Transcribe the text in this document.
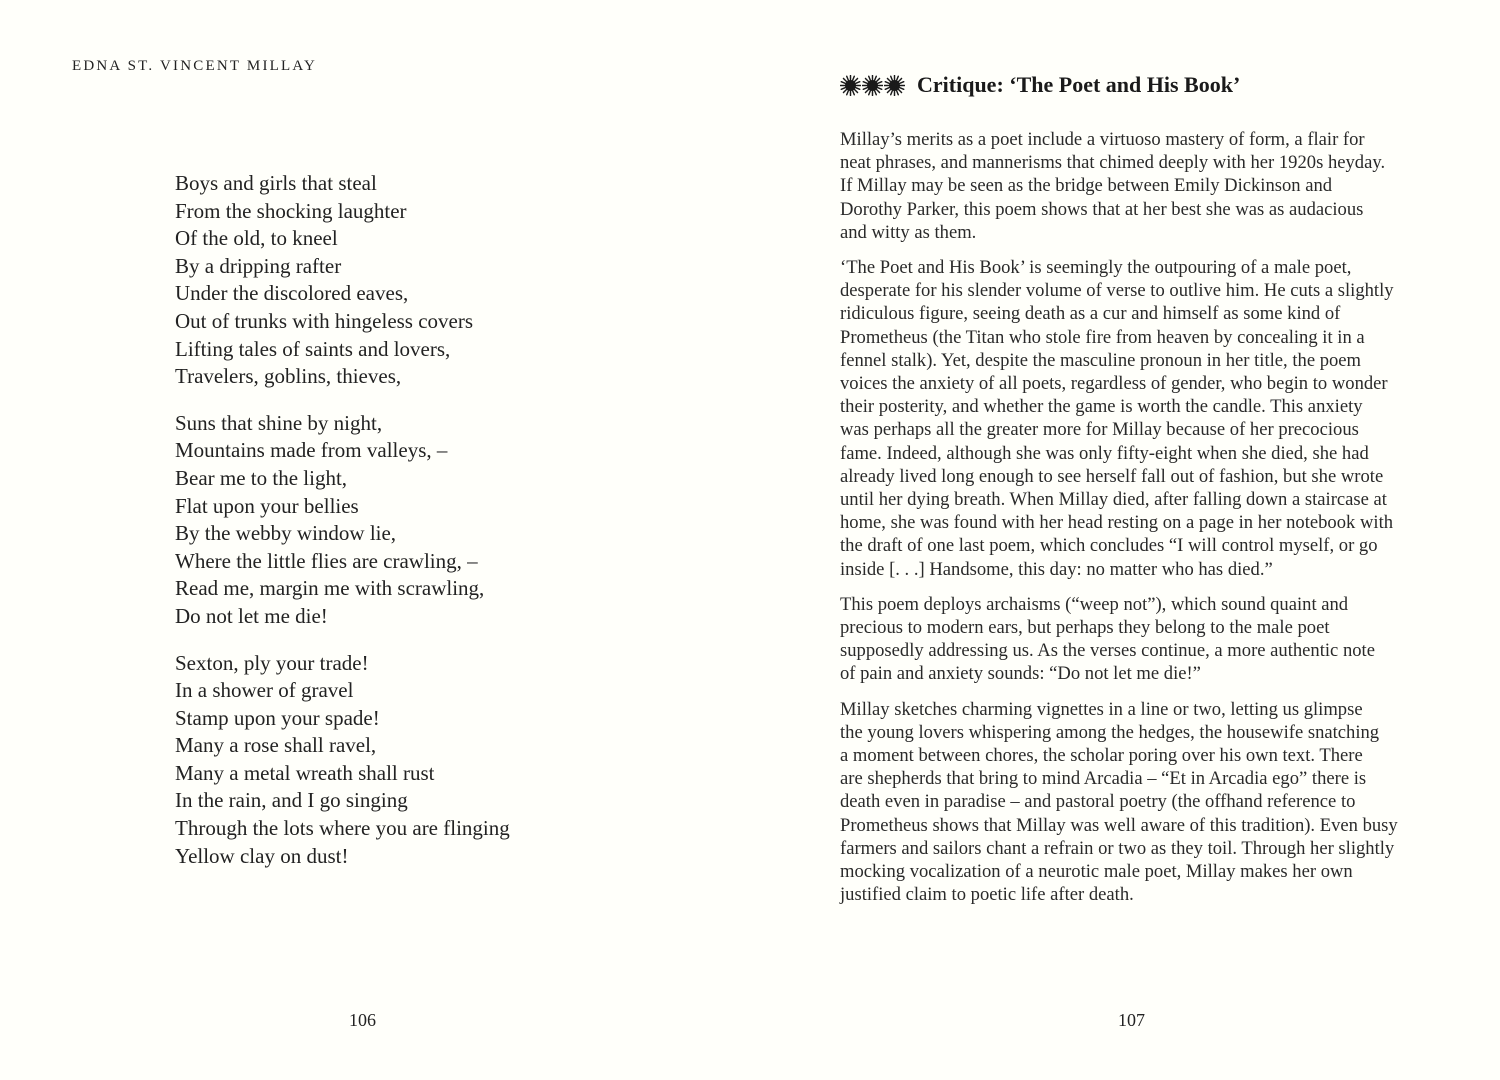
EDNA ST. VINCENT MILLAY
Boys and girls that steal
From the shocking laughter
Of the old, to kneel
By a dripping rafter
Under the discolored eaves,
Out of trunks with hingeless covers
Lifting tales of saints and lovers,
Travelers, goblins, thieves,
Suns that shine by night,
Mountains made from valleys, –
Bear me to the light,
Flat upon your bellies
By the webby window lie,
Where the little flies are crawling, –
Read me, margin me with scrawling,
Do not let me die!
Sexton, ply your trade!
In a shower of gravel
Stamp upon your spade!
Many a rose shall ravel,
Many a metal wreath shall rust
In the rain, and I go singing
Through the lots where you are flinging
Yellow clay on dust!
106
Critique: ‘The Poet and His Book’

Millay’s merits as a poet include a virtuoso mastery of form, a flair for
neat phrases, and mannerisms that chimed deeply with her 1920s heyday.
If Millay may be seen as the bridge between Emily Dickinson and
Dorothy Parker, this poem shows that at her best she was as audacious
and witty as them.

‘The Poet and His Book’ is seemingly the outpouring of a male poet,
desperate for his slender volume of verse to outlive him. He cuts a slightly
ridiculous figure, seeing death as a cur and himself as some kind of
Prometheus (the Titan who stole fire from heaven by concealing it in a
fennel stalk). Yet, despite the masculine pronoun in her title, the poem
voices the anxiety of all poets, regardless of gender, who begin to wonder
their posterity, and whether the game is worth the candle. This anxiety
was perhaps all the greater more for Millay because of her precocious
fame. Indeed, although she was only fifty-eight when she died, she had
already lived long enough to see herself fall out of fashion, but she wrote
until her dying breath. When Millay died, after falling down a staircase at
home, she was found with her head resting on a page in her notebook with
the draft of one last poem, which concludes “I will control myself, or go
inside [. . .] Handsome, this day: no matter who has died.”

This poem deploys archaisms (“weep not”), which sound quaint and
precious to modern ears, but perhaps they belong to the male poet
supposedly addressing us. As the verses continue, a more authentic note
of pain and anxiety sounds: “Do not let me die!”

Millay sketches charming vignettes in a line or two, letting us glimpse
the young lovers whispering among the hedges, the housewife snatching
a moment between chores, the scholar poring over his own text. There
are shepherds that bring to mind Arcadia – “Et in Arcadia ego” there is
death even in paradise – and pastoral poetry (the offhand reference to
Prometheus shows that Millay was well aware of this tradition). Even busy
farmers and sailors chant a refrain or two as they toil. Through her slightly
mocking vocalization of a neurotic male poet, Millay makes her own
justified claim to poetic life after death.

107
